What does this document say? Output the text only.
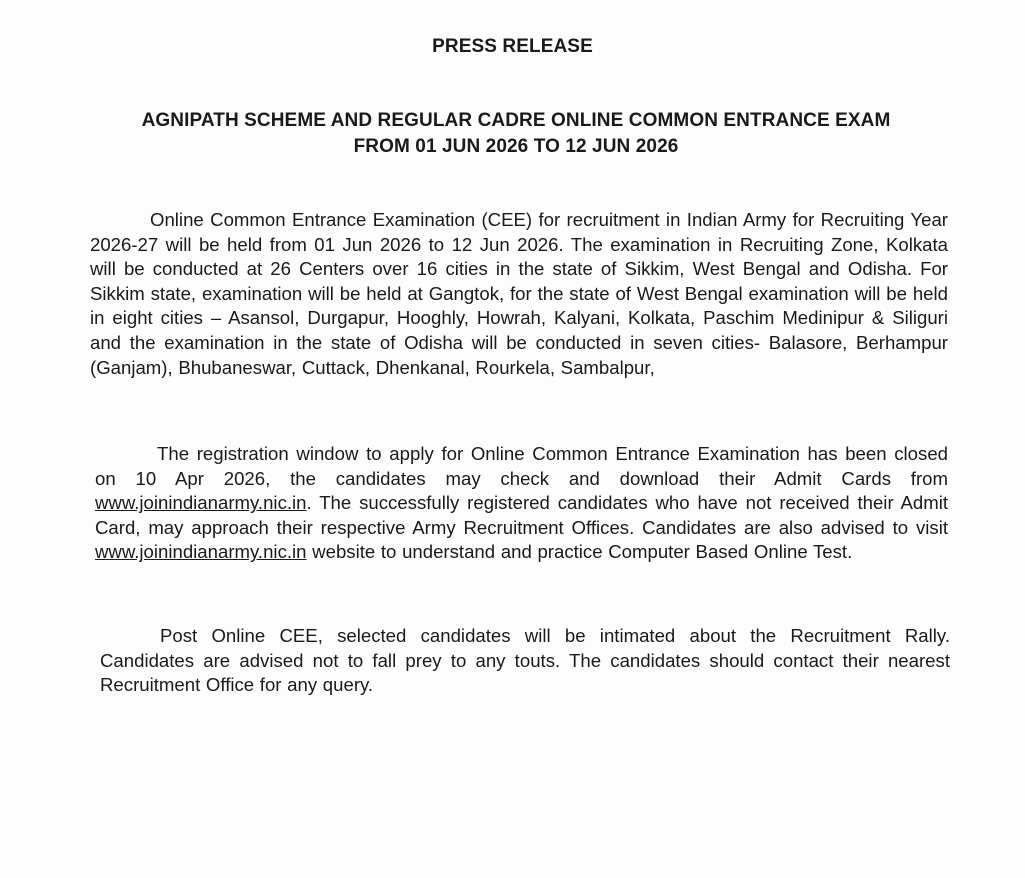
PRESS RELEASE
AGNIPATH SCHEME AND REGULAR CADRE ONLINE COMMON ENTRANCE EXAM
FROM 01 JUN 2026 TO 12 JUN 2026

Online Common Entrance Examination (CEE) for recruitment in Indian Army for Recruiting Year 2026-27 will be held from 01 Jun 2026 to 12 Jun 2026. The examination in Recruiting Zone, Kolkata will be conducted at 26 Centers over 16 cities in the state of Sikkim, West Bengal and Odisha. For Sikkim state, examination will be held at Gangtok, for the state of West Bengal examination will be held in eight cities – Asansol, Durgapur, Hooghly, Howrah, Kalyani, Kolkata, Paschim Medinipur & Siliguri and the examination in the state of Odisha will be conducted in seven cities- Balasore, Berhampur (Ganjam), Bhubaneswar, Cuttack, Dhenkanal, Rourkela, Sambalpur,

The registration window to apply for Online Common Entrance Examination has been closed on 10 Apr 2026, the candidates may check and download their Admit Cards from www.joinindianarmy.nic.in. The successfully registered candidates who have not received their Admit Card, may approach their respective Army Recruitment Offices. Candidates are also advised to visit www.joinindianarmy.nic.in website to understand and practice Computer Based Online Test.

Post Online CEE, selected candidates will be intimated about the Recruitment Rally. Candidates are advised not to fall prey to any touts. The candidates should contact their nearest Recruitment Office for any query.
